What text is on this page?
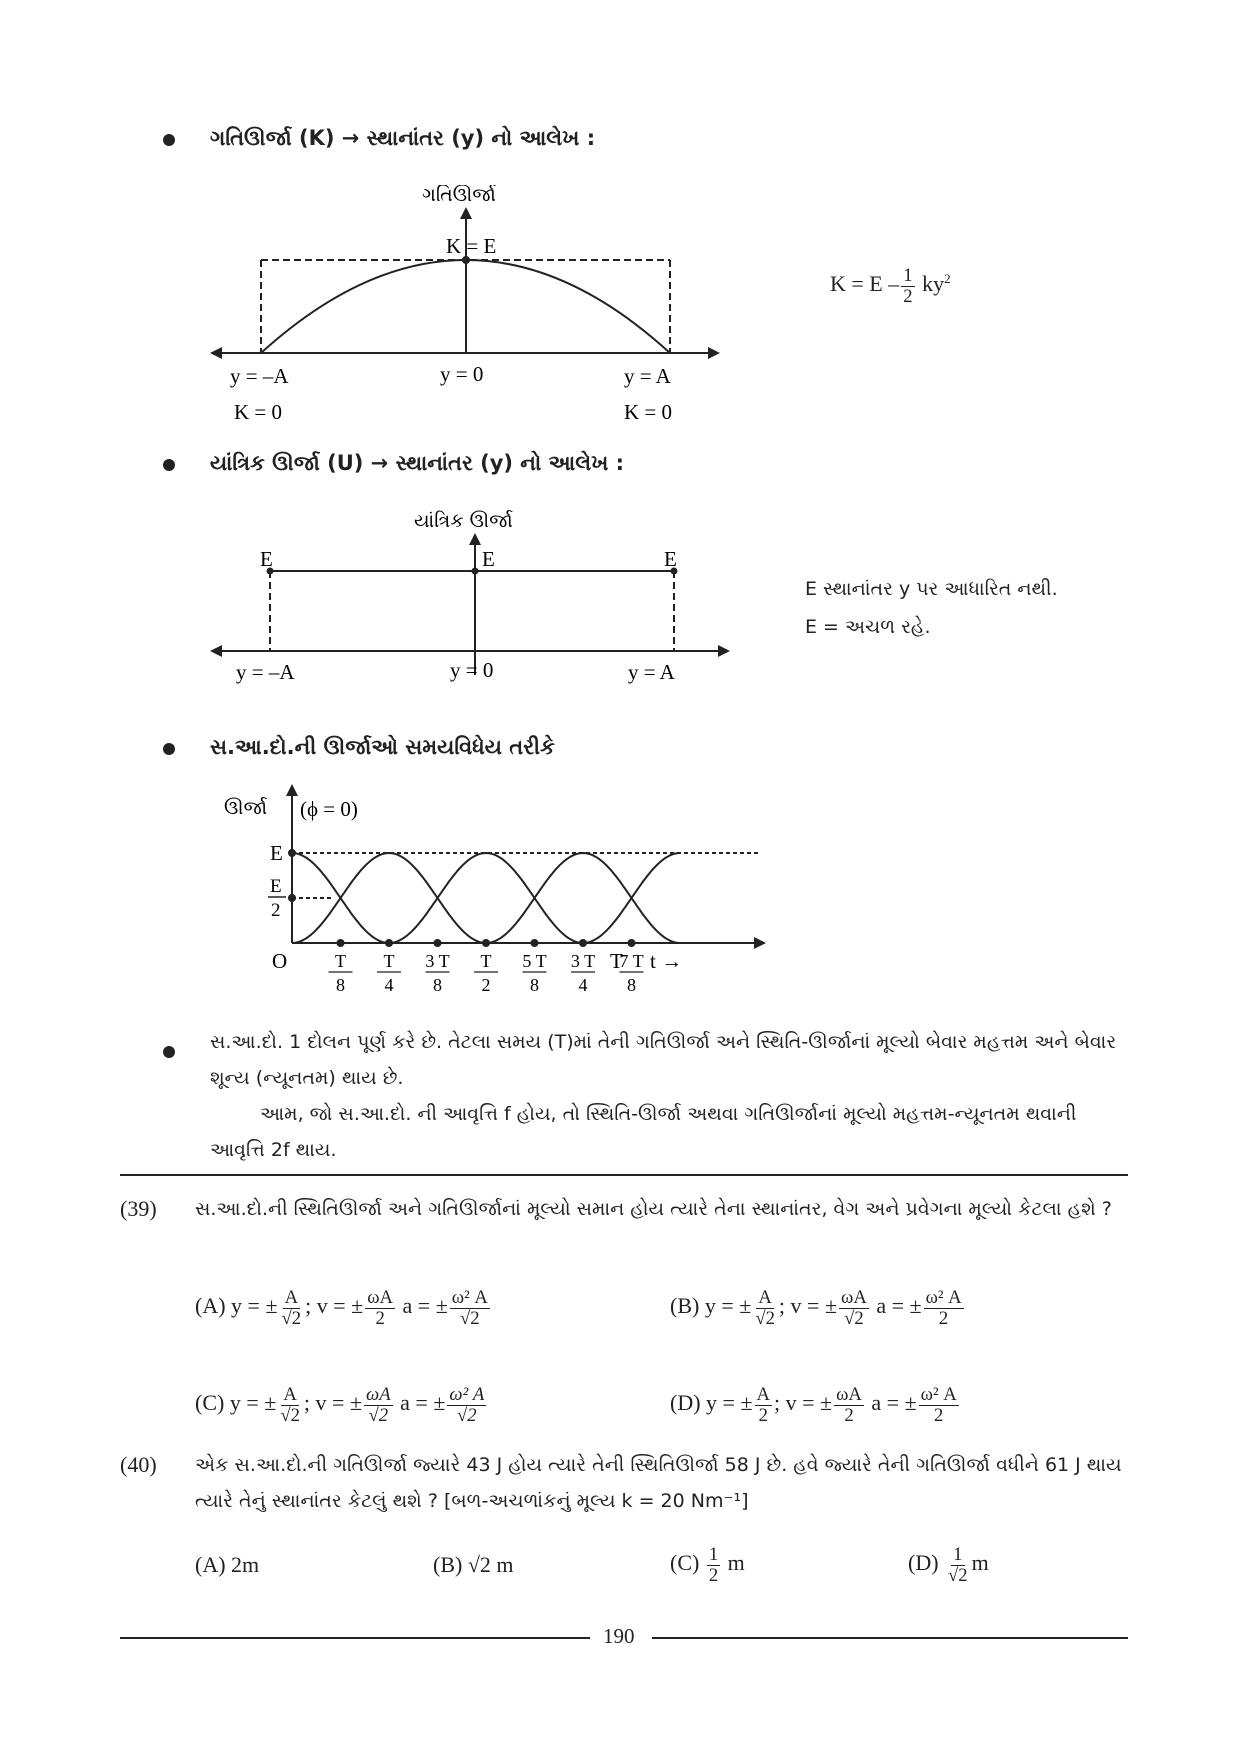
ગતિઊર્જા (K) → સ્થાનાંતર (y) નો આલેખ :
ગતિઊર્જા
K = E
y = –A
K = 0
y = 0	y = A
K = 0
$K = E - \frac{1}{2} ky^2$
યાંત્રિક ઊર્જા (U) → સ્થાનાંતર (y) નો આલેખ :
યાંત્રિક ઊર્જા
E	E	E
y = –A	y = 0	y = A
E સ્થાનાંતર y પર આધારિત નથી.
E = અચળ રહે.
સ.આ.દો.ની ઊર્જાઓ સમયવિધેય તરીકે
ઊર્જા (ϕ = 0)
E
E
2
O	T
8
T
4
3 T
8
T
2
5 T
8
3 T
4
7 T
8
T t →
સ.આ.દો. 1 દોલન પૂર્ણ કરે છે. તેટલા સમય (T)માં તેની ગતિઊર્જા અને સ્થિતિ-ઊર્જાનાં મૂલ્યો બેવાર મહત્તમ અને બેવાર શૂન્ય (ન્યૂનતમ) થાય છે.
આમ, જો સ.આ.દો. ની આવૃત્તિ f હોય, તો સ્થિતિ-ઊર્જા અથવા ગતિઊર્જાનાં મૂલ્યો મહત્તમ-ન્યૂનતમ થવાની આવૃત્તિ 2f થાય.
(39) સ.આ.દો.ની સ્થિતિઊર્જા અને ગતિઊર્જાનાં મૂલ્યો સમાન હોય ત્યારે તેના સ્થાનાંતર, વેગ અને પ્રવેગના મૂલ્યો કેટલા હશે ?
(A) y = ± $\frac{A}{√2}$ ; v = ± $\frac{\omega A}{2}$ a = ± $\frac{\text{ω² A}}{√2}$	(B) y = ± $\frac{A}{√2}$ ; v = ± $\frac{\omega A}{√2}$ a = ± $\frac{\text{ω² A}}{2}$
(C) y = ± $\frac{A}{√2}$ ; v = ± $\frac{\omega A}{√2}$ a = ± $\frac{\text{ω² A}}{√2}$	(D) y = ± $\frac{A}{2}$ ; v = ± $\frac{\omega A}{2}$ a = ± $\frac{\text{ω² A}}{2}$
(40) એક સ.આ.દો.ની ગતિઊર્જા જ્યારે 43 J હોય ત્યારે તેની સ્થિતિઊર્જા 58 J છે. હવે જ્યારે તેની ગતિઊર્જા વધીને 61 J થાય ત્યારે તેનું સ્થાનાંતર કેટલું થશે ? [બળ-અચળાંકનું મૂલ્ય k = 20 Nm⁻¹]
(A) 2m	(B) √2 m	$(C) \frac{1}{2}$ m	$(D) \frac{1}{√2}$ m
190
